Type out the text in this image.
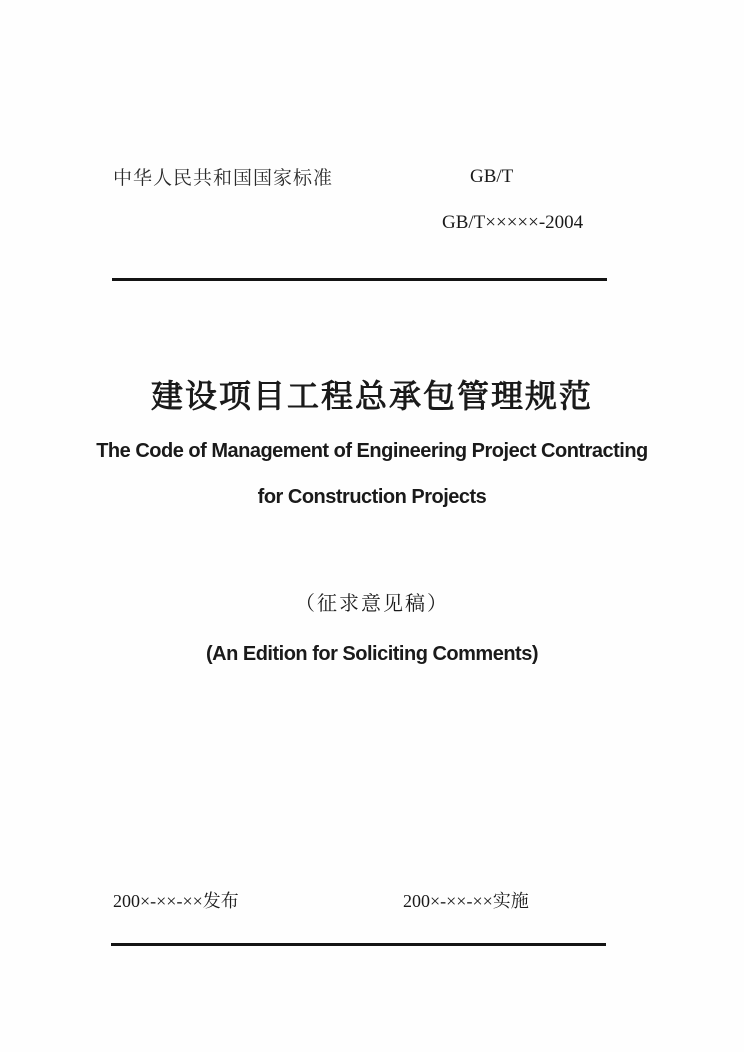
中华人民共和国国家标准	GB/T
GB/T×××××-2004
建设项目工程总承包管理规范
The Code of Management of Engineering Project Contracting
for Construction Projects
（征求意见稿）
(An Edition for Soliciting Comments)
200×-××-××发布	200×-××-××实施
